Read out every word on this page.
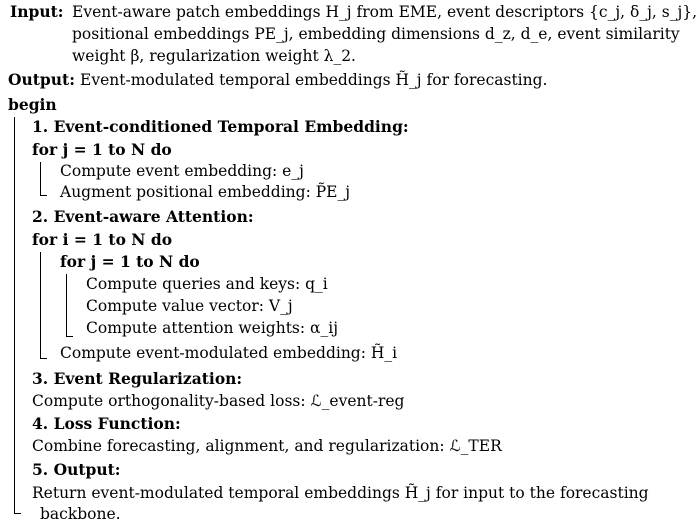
Input: Event-aware patch embeddings H_j from EME, event descriptors {c_j, δ_j, s_j},
positional embeddings PE_j, embedding dimensions d_z, d_e, event similarity
weight β, regularization weight λ_2.
Output: Event-modulated temporal embeddings H̃_j for forecasting.
begin
1. Event-conditioned Temporal Embedding:
for j = 1 to N do
Compute event embedding: e_j
Augment positional embedding: P̃E_j
2. Event-aware Attention:
for i = 1 to N do
for j = 1 to N do
Compute queries and keys: q_i
Compute value vector: V_j
Compute attention weights: α_ij
Compute event-modulated embedding: H̃_i
3. Event Regularization:
Compute orthogonality-based loss: ℒ_event-reg
4. Loss Function:
Combine forecasting, alignment, and regularization: ℒ_TER
5. Output:
Return event-modulated temporal embeddings H̃_j for input to the forecasting
backbone.
